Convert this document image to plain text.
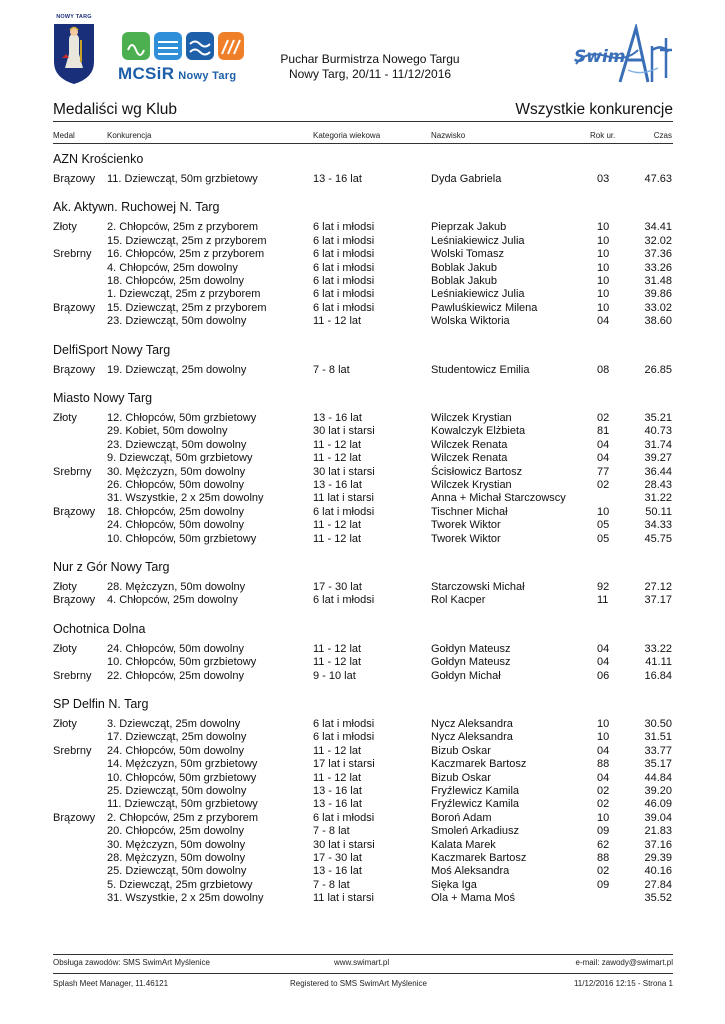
NOWY TARG
MCSiR Nowy Targ
Puchar Burmistrza Nowego Targu
Nowy Targ, 20/11 - 11/12/2016
Swim
Medaliści wg Klub	Wszystkie konkurencje
Medal	Konkurencja	Kategoria wiekowa	Nazwisko	Rok ur.	Czas
AZN Krościenko
Brązowy 11. Dziewcząt, 50m grzbietowy	13 - 16 lat	Dyda Gabriela	03	47.63
Ak. Aktywn. Ruchowej N. Targ
Złoty	2. Chłopców, 25m z przyborem	6 lat i młodsi	Pieprzak Jakub	10	34.41
15. Dziewcząt, 25m z przyborem	6 lat i młodsi	Leśniakiewicz Julia	10	32.02
Srebrny 16. Chłopców, 25m z przyborem	6 lat i młodsi	Wolski Tomasz	10	37.36
4. Chłopców, 25m dowolny	6 lat i młodsi	Boblak Jakub	10	33.26
18. Chłopców, 25m dowolny	6 lat i młodsi	Boblak Jakub	10	31.48
1. Dziewcząt, 25m z przyborem	6 lat i młodsi	Leśniakiewicz Julia	10	39.86
Brązowy 15. Dziewcząt, 25m z przyborem	6 lat i młodsi	Pawluśkiewicz Milena	10	33.02
23. Dziewcząt, 50m dowolny	11 - 12 lat	Wolska Wiktoria	04	38.60
DelfiSport Nowy Targ
Brązowy 19. Dziewcząt, 25m dowolny	7 - 8 lat	Studentowicz Emilia	08	26.85
Miasto Nowy Targ
Złoty	12. Chłopców, 50m grzbietowy	13 - 16 lat	Wilczek Krystian	02	35.21
29. Kobiet, 50m dowolny	30 lat i starsi	Kowalczyk Elżbieta	81	40.73
23. Dziewcząt, 50m dowolny	11 - 12 lat	Wilczek Renata	04	31.74
9. Dziewcząt, 50m grzbietowy	11 - 12 lat	Wilczek Renata	04	39.27
Srebrny 30. Mężczyzn, 50m dowolny	30 lat i starsi	Ścisłowicz Bartosz	77	36.44
26. Chłopców, 50m dowolny	13 - 16 lat	Wilczek Krystian	02	28.43
31. Wszystkie, 2 x 25m dowolny	11 lat i starsi	Anna + Michał Starczowscy	31.22
Brązowy 18. Chłopców, 25m dowolny	6 lat i młodsi	Tischner Michał	10	50.11
24. Chłopców, 50m dowolny	11 - 12 lat	Tworek Wiktor	05	34.33
10. Chłopców, 50m grzbietowy	11 - 12 lat	Tworek Wiktor	05	45.75
Nur z Gór Nowy Targ
Złoty	28. Mężczyzn, 50m dowolny	17 - 30 lat	Starczowski Michał	92	27.12
Brązowy 4. Chłopców, 25m dowolny	6 lat i młodsi	Rol Kacper	11	37.17
Ochotnica Dolna
Złoty	24. Chłopców, 50m dowolny	11 - 12 lat	Gołdyn Mateusz	04	33.22
10. Chłopców, 50m grzbietowy	11 - 12 lat	Gołdyn Mateusz	04	41.11
Srebrny 22. Chłopców, 25m dowolny	9 - 10 lat	Gołdyn Michał	06	16.84
SP Delfin N. Targ
Złoty	3. Dziewcząt, 25m dowolny	6 lat i młodsi	Nycz Aleksandra	10	30.50
17. Dziewcząt, 25m dowolny	6 lat i młodsi	Nycz Aleksandra	10	31.51
Srebrny 24. Chłopców, 50m dowolny	11 - 12 lat	Bizub Oskar	04	33.77
14. Mężczyzn, 50m grzbietowy	17 lat i starsi	Kaczmarek Bartosz	88	35.17
10. Chłopców, 50m grzbietowy	11 - 12 lat	Bizub Oskar	04	44.84
25. Dziewcząt, 50m dowolny	13 - 16 lat	Fryźlewicz Kamila	02	39.20
11. Dziewcząt, 50m grzbietowy	13 - 16 lat	Fryźlewicz Kamila	02	46.09
Brązowy 2. Chłopców, 25m z przyborem	6 lat i młodsi	Boroń Adam	10	39.04
20. Chłopców, 25m dowolny	7 - 8 lat	Smoleń Arkadiusz	09	21.83
30. Mężczyzn, 50m dowolny	30 lat i starsi	Kalata Marek	62	37.16
28. Mężczyzn, 50m dowolny	17 - 30 lat	Kaczmarek Bartosz	88	29.39
25. Dziewcząt, 50m dowolny	13 - 16 lat	Moś Aleksandra	02	40.16
5. Dziewcząt, 25m grzbietowy	7 - 8 lat	Sięka Iga	09	27.84
31. Wszystkie, 2 x 25m dowolny	11 lat i starsi	Ola + Mama Moś	35.52
Obsługa zawodów: SMS SwimArt Myślenice	www.swimart.pl	e-mail: zawody@swimart.pl
Splash Meet Manager, 11.46121	Registered to SMS SwimArt Myślenice	11/12/2016 12:15 - Strona 1
